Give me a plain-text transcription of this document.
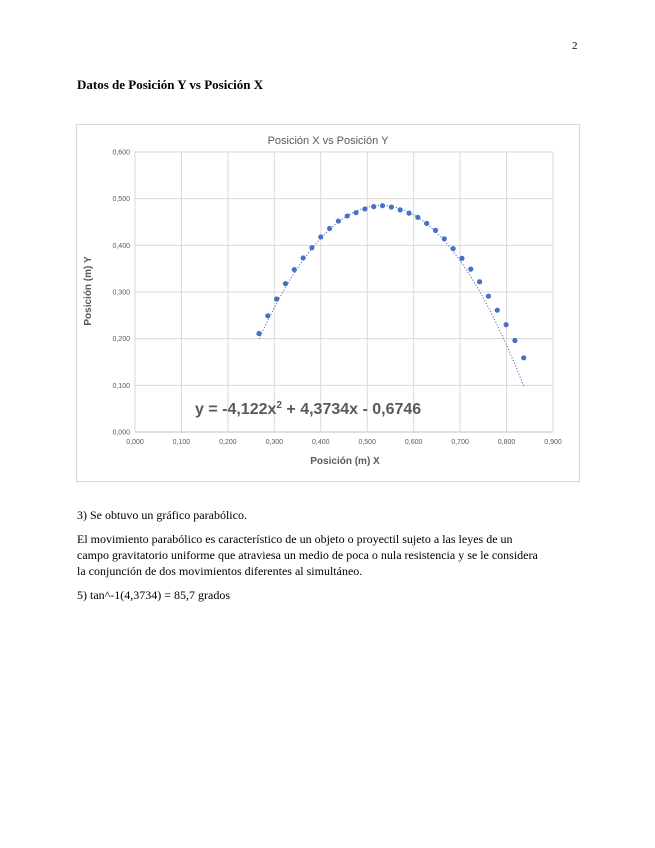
2
Datos de Posición Y vs Posición X
Posición X vs Posición Y
0,000
0,100
0,200
0,300
0,400
0,500
0,600
0,000	0,100	0,200	0,300	0,400	0,500	0,600	0,700	0,800	0,900
$y = -4,122x^2 + 4,3734x - 0,6746$
Posición (m) X
Posición (m) Y
3) Se obtuvo un gráfico parabólico.
El movimiento parabólico es característico de un objeto o proyectil sujeto a las leyes de un
campo gravitatorio uniforme que atraviesa un medio de poca o nula resistencia y se le considera
la conjunción de dos movimientos diferentes al simultáneo.
5) tan^-1(4,3734) = 85,7 grados
